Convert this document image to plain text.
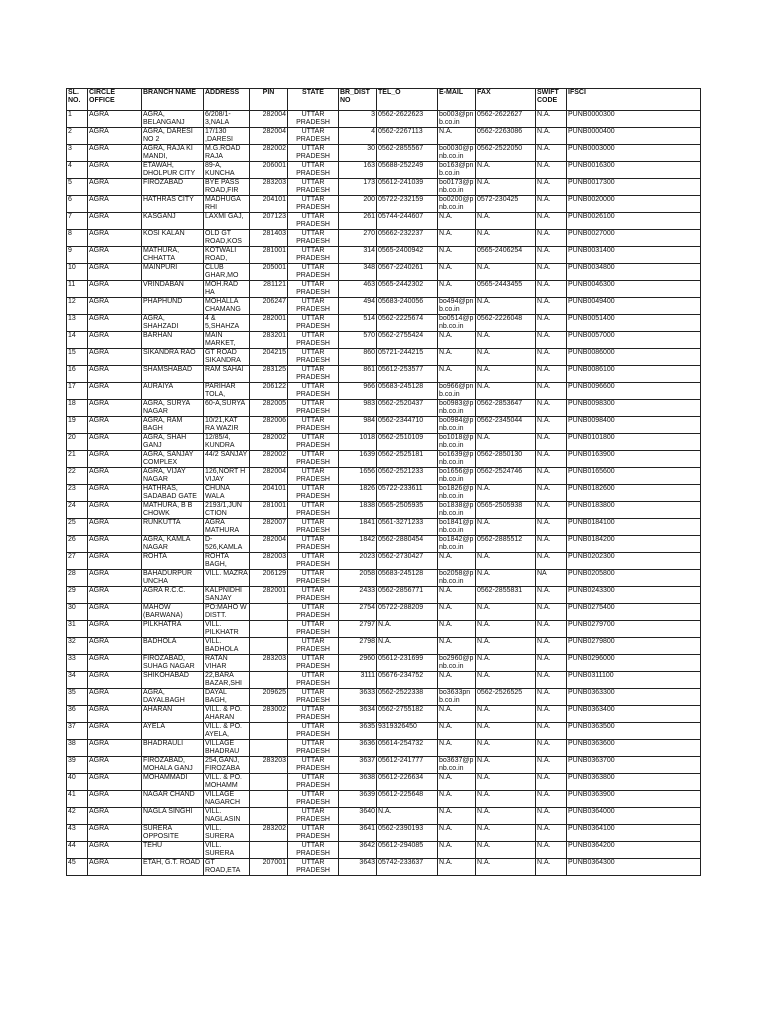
SL. NO.	CIRCLE OFFICE	BRANCH NAME	ADDRESS	PIN	STATE	BR_DIST NO	TEL_O	E-MAIL	FAX	SWIFT CODE	IFSCI
1	AGRA	AGRA, BELANGANJ	6/208/1-3,NALA	282004	UTTAR PRADESH	3	0562-2622623	bo003@pnb.co.in	0562-2622627	N.A.	PUNB0000300
2	AGRA	AGRA, DARESI NO 2	17/130 ,DARESI	282004	UTTAR PRADESH	4	0562-2267113	N.A.	0562-2263086	N.A.	PUNB0000400
3	AGRA	AGRA, RAJA KI MANDI,	M.G.ROAD RAJA	282002	UTTAR PRADESH	30	0562-2855567	bo0030@pnb.co.in	0562-2522050	N.A.	PUNB0003000
4	AGRA	ETAWAH, DHOLPUR CITY	89-A, KUNCHA	206001	UTTAR PRADESH	163	05688-252249	bo163@pnb.co.in	N.A.	N.A.	PUNB0016300
5	AGRA	FIROZABAD	BYE PASS ROAD,FIR	283203	UTTAR PRADESH	173	05612-241039	bo0173@pnb.co.in	N.A.	N.A.	PUNB0017300
6	AGRA	HATHRAS CITY	MADHUGA RHI	204101	UTTAR PRADESH	200	05722-232159	bo0200@pnb.co.in	0572-230425	N.A.	PUNB0020000
7	AGRA	KASGANJ	LAXMI GAJ,	207123	UTTAR PRADESH	261	05744-244607	N.A.	N.A.	N.A.	PUNB0026100
8	AGRA	KOSI KALAN	OLD GT ROAD,KOS	281403	UTTAR PRADESH	270	05662-232237	N.A.	N.A.	N.A.	PUNB0027000
9	AGRA	MATHURA, CHHATTA	KOTWALI ROAD,	281001	UTTAR PRADESH	314	0565-2400942	N.A.	0565-2406254	N.A.	PUNB0031400
10	AGRA	MAINPURI	CLUB GHAR,MO	205001	UTTAR PRADESH	348	0567-2240261	N.A.	N.A.	N.A.	PUNB0034800
11	AGRA	VRINDABAN	MOH.RAD HA	281121	UTTAR PRADESH	463	0565-2442302	N.A.	0565-2443455	N.A.	PUNB0046300
12	AGRA	PHAPHUND	MOHALLA CHAMANG	206247	UTTAR PRADESH	494	05683-240056	bo494@pnb.co.in	N.A.	N.A.	PUNB0049400
13	AGRA	AGRA, SHAHZADI	4 & 5,SHAHZA	282001	UTTAR PRADESH	514	0562-2225674	bo0514@pnb.co.in	0562-2226048	N.A.	PUNB0051400
14	AGRA	BARHAN	MAIN MARKET,	283201	UTTAR PRADESH	570	0562-2755424	N.A.	N.A.	N.A.	PUNB0057000
15	AGRA	SIKANDRA RAO	GT ROAD SIKANDRA	204215	UTTAR PRADESH	860	05721-244215	N.A.	N.A.	N.A.	PUNB0086000
16	AGRA	SHAMSHABAD	RAM SAHAI	283125	UTTAR PRADESH	861	05612-253577	N.A.	N.A.	N.A.	PUNB0086100
17	AGRA	AURAIYA	PARIHAR TOLA,	206122	UTTAR PRADESH	966	05683-245128	bo966@pnb.co.in	N.A.	N.A.	PUNB0096600
18	AGRA	AGRA, SURYA NAGAR	60-A,SURYA	282005	UTTAR PRADESH	983	0562-2520437	bo0983@pnb.co.in	0562-2853647	N.A.	PUNB0098300
19	AGRA	AGRA, RAM BAGH	10/21,KAT RA WAZIR	282006	UTTAR PRADESH	984	0562-2344710	bo0984@pnb.co.in	0562-2345044	N.A.	PUNB0098400
20	AGRA	AGRA, SHAH GANJ	12/85/4, KUNDRA	282002	UTTAR PRADESH	1018	0562-2510109	bo1018@pnb.co.in	N.A.	N.A.	PUNB0101800
21	AGRA	AGRA, SANJAY COMPLEX	44/2 SANJAY	282002	UTTAR PRADESH	1639	0562-2525181	bo1639@pnb.co.in	0562-2850130	N.A.	PUNB0163900
22	AGRA	AGRA, VIJAY NAGAR	126,NORT H VIJAY	282004	UTTAR PRADESH	1656	0562-2521233	bo1656@pnb.co.in	0562-2524746	N.A.	PUNB0165600
23	AGRA	HATHRAS, SADABAD GATE	CHUNA WALA	204101	UTTAR PRADESH	1826	05722-233611	bo1826@pnb.co.in	N.A.	N.A.	PUNB0182600
24	AGRA	MATHURA, B B CHOWK	2193/1,JUN CTION	281001	UTTAR PRADESH	1838	0565-2505935	bo1838@pnb.co.in	0565-2505938	N.A.	PUNB0183800
25	AGRA	RUNKUTTA	AGRA MATHURA	282007	UTTAR PRADESH	1841	0561-3271233	bo1841@pnb.co.in	N.A.	N.A.	PUNB0184100
26	AGRA	AGRA, KAMLA NAGAR	D-526,KAMLA	282004	UTTAR PRADESH	1842	0562-2880454	bo1842@pnb.co.in	0562-2885512	N.A.	PUNB0184200
27	AGRA	ROHTA	ROHTA BAGH,	282003	UTTAR PRADESH	2023	0562-2730427	N.A.	N.A.	N.A.	PUNB0202300
28	AGRA	BAHADURPUR UNCHA	VILL. MAZRA	206129	UTTAR PRADESH	2058	05683-245128	bo2058@pnb.co.in	N.A.	NA	PUNB0205800
29	AGRA	AGRA R.C.C.	KALPNIDHI SANJAY	282001	UTTAR PRADESH	2433	0562-2856771	N.A.	0562-2855831	N.A.	PUNB0243300
30	AGRA	MAHOW (BARWANA)	PO:MAHO W DISTT.		UTTAR PRADESH	2754	05722-288209	N.A.	N.A.	N.A.	PUNB0275400
31	AGRA	PILKHATRA	VILL. PILKHATR		UTTAR PRADESH	2797	N.A.	N.A.	N.A.	N.A.	PUNB0279700
32	AGRA	BADHOLA	VILL. BADHOLA		UTTAR PRADESH	2798	N.A.	N.A.	N.A.	N.A.	PUNB0279800
33	AGRA	FIROZABAD, SUHAG NAGAR	RATAN VIHAR	283203	UTTAR PRADESH	2960	05612-231699	bo2960@pnb.co.in	N.A.	N.A.	PUNB0296000
34	AGRA	SHIKOHABAD	22,BARA BAZAR,SHI		UTTAR PRADESH	3111	05676-234752	N.A.	N.A.	N.A.	PUNB0311100
35	AGRA	AGRA, DAYALBAGH	DAYAL BAGH,	209625	UTTAR PRADESH	3633	0562-2522338	bo3633pnb.co.in	0562-2526525	N.A.	PUNB0363300
36	AGRA	AHARAN	VILL. & PO. AHARAN	283002	UTTAR PRADESH	3634	0562-2755182	N.A.	N.A.	N.A.	PUNB0363400
37	AGRA	AYELA	VILL. & PO. AYELA,		UTTAR PRADESH	3635	9319326450	N.A.	N.A.	N.A.	PUNB0363500
38	AGRA	BHADRAULI	VILLAGE BHADRAU		UTTAR PRADESH	3636	05614-254732	N.A.	N.A.	N.A.	PUNB0363600
39	AGRA	FIROZABAD, MOHALA GANJ	254,GANJ, FIROZABA	283203	UTTAR PRADESH	3637	05612-241777	bo3637@pnb.co.in	N.A.	N.A.	PUNB0363700
40	AGRA	MOHAMMADI	VILL. & PO. MOHAMM		UTTAR PRADESH	3638	05612-226634	N.A.	N.A.	N.A.	PUNB0363800
41	AGRA	NAGAR CHAND	VILLAGE NAGARCH		UTTAR PRADESH	3639	05612-225648	N.A.	N.A.	N.A.	PUNB0363900
42	AGRA	NAGLA SINGHI	VILL. NAGLASIN		UTTAR PRADESH	3640	N.A.	N.A.	N.A.	N.A.	PUNB0364000
43	AGRA	SURERA OPPOSITE	VILL. SURERA	283202	UTTAR PRADESH	3641	0562-2390193	N.A.	N.A.	N.A.	PUNB0364100
44	AGRA	TEHU	VILL. SURERA		UTTAR PRADESH	3642	05612-294085	N.A.	N.A.	N.A.	PUNB0364200
45	AGRA	ETAH, G.T. ROAD	GT ROAD,ETA	207001	UTTAR PRADESH	3643	05742-233637	N.A.	N.A.	N.A.	PUNB0364300
